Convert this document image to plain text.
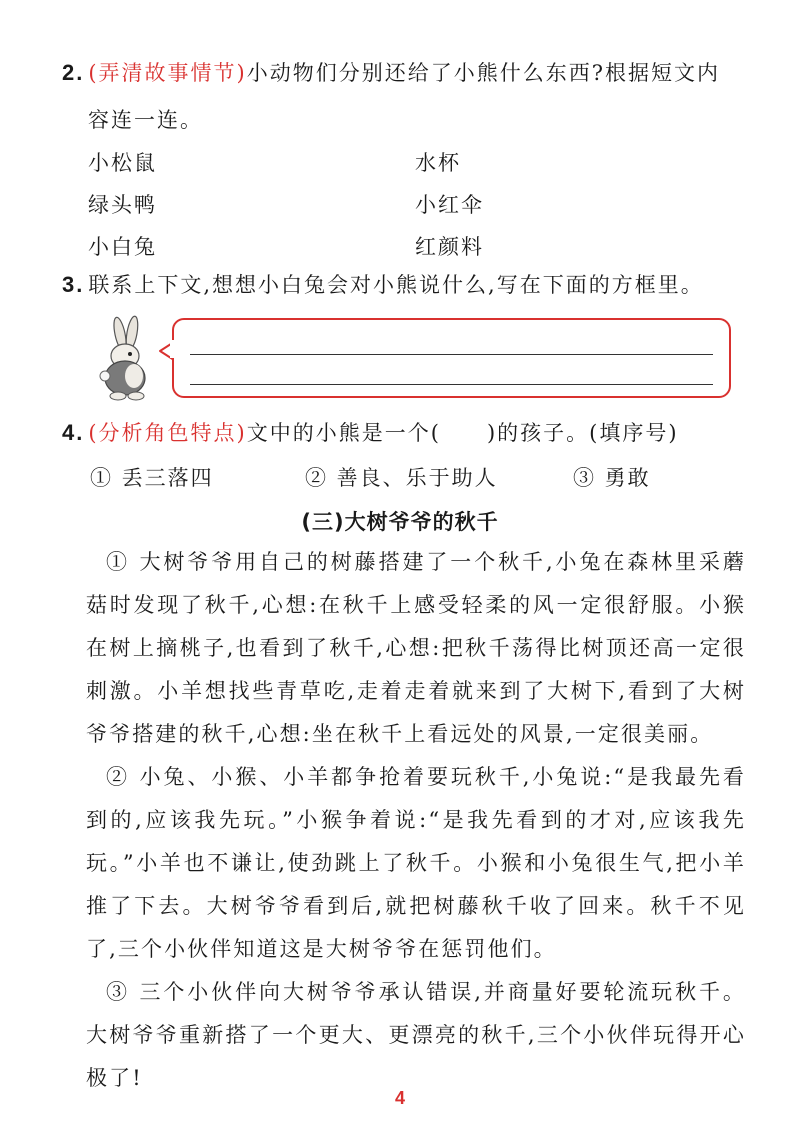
2. (弄清故事情节)小动物们分别还给了小熊什么东西?根据短文内
容连一连。
小松鼠
绿头鸭
小白兔
水杯
小红伞
红颜料
3. 联系上下文,想想小白兔会对小熊说什么,写在下面的方框里。
4. (分析角色特点)文中的小熊是一个( )的孩子。(填序号)
① 丢三落四	② 善良、乐于助人	③ 勇敢
(三)大树爷爷的秋千
① 大树爷爷用自己的树藤搭建了一个秋千,小兔在森林里采蘑菇时发现了秋千,心想:在秋千上感受轻柔的风一定很舒服。小猴在树上摘桃子,也看到了秋千,心想:把秋千荡得比树顶还高一定很刺激。小羊想找些青草吃,走着走着就来到了大树下,看到了大树爷爷搭建的秋千,心想:坐在秋千上看远处的风景,一定很美丽。
② 小兔、小猴、小羊都争抢着要玩秋千,小兔说:“是我最先看到的,应该我先玩。”小猴争着说:“是我先看到的才对,应该我先玩。”小羊也不谦让,使劲跳上了秋千。小猴和小兔很生气,把小羊推了下去。大树爷爷看到后,就把树藤秋千收了回来。秋千不见了,三个小伙伴知道这是大树爷爷在惩罚他们。
③ 三个小伙伴向大树爷爷承认错误,并商量好要轮流玩秋千。大树爷爷重新搭了一个更大、更漂亮的秋千,三个小伙伴玩得开心极了!
4
